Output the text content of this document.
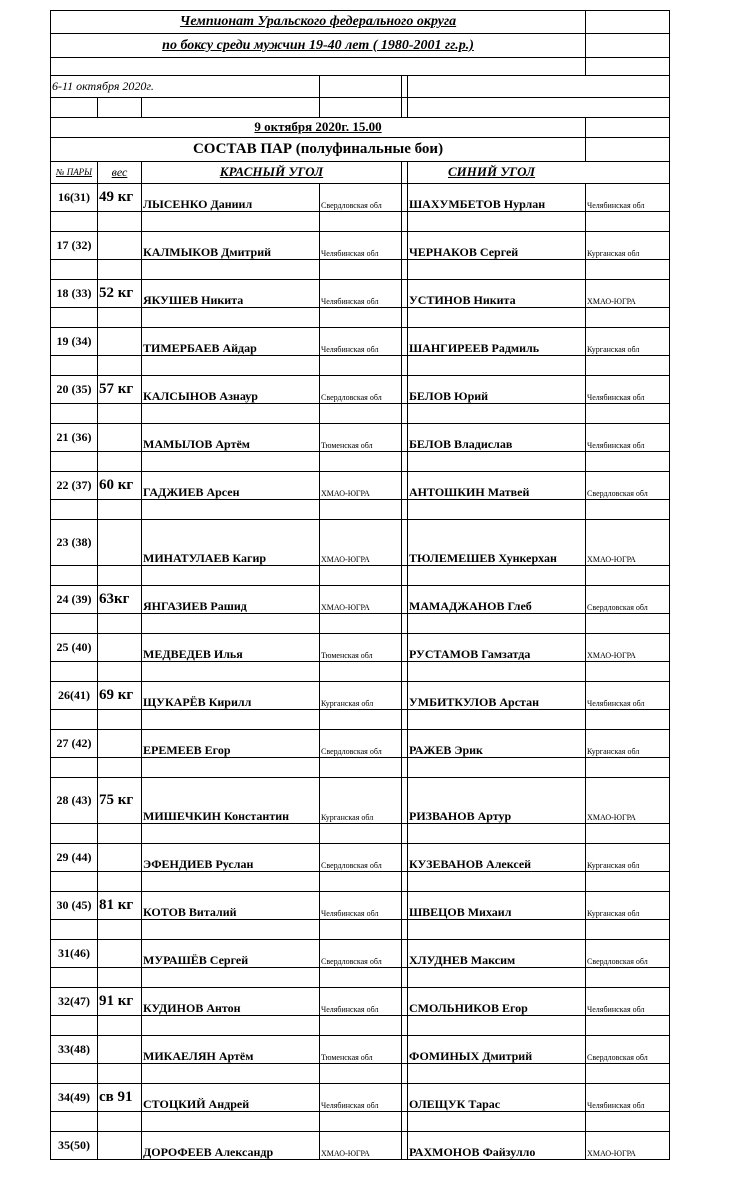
Чемпионат Уральского федерального округа						
по боксу среди мужчин 19-40 лет ( 1980-2001 гг.р.)						

6-11 октября 2020г.						

9 октября 2020г. 15.00						
СОСТАВ ПАР (полуфинальные бои)						
№ ПАРЫ	вес	КРАСНЫЙ УГОЛ			СИНИЙ УГОЛ	
16(31)	49 кг	ЛЫСЕНКО Даниил	Свердловская обл		ШАХУМБЕТОВ Нурлан	Челябинская обл

17 (32)		КАЛМЫКОВ Дмитрий	Челябинская обл		ЧЕРНАКОВ Сергей	Курганская обл

18 (33)	52 кг	ЯКУШЕВ Никита	Челябинская обл		УСТИНОВ Никита	ХМАО-ЮГРА

19 (34)		ТИМЕРБАЕВ Айдар	Челябинская обл		ШАНГИРЕЕВ Радмиль	Курганская обл

20 (35)	57 кг	КАЛСЫНОВ Азнаур	Свердловская обл		БЕЛОВ Юрий	Челябинская обл

21 (36)		МАМЫЛОВ Артём	Тюменская обл		БЕЛОВ Владислав	Челябинская обл

22 (37)	60 кг	ГАДЖИЕВ Арсен	ХМАО-ЮГРА		АНТОШКИН Матвей	Свердловская обл

23 (38)		МИНАТУЛАЕВ Кагир	ХМАО-ЮГРА		ТЮЛЕМЕШЕВ Хункерхан	ХМАО-ЮГРА

24 (39)	63кг	ЯНГАЗИЕВ Рашид	ХМАО-ЮГРА		МАМАДЖАНОВ Глеб	Свердловская обл

25 (40)		МЕДВЕДЕВ Илья	Тюменская обл		РУСТАМОВ Гамзатда	ХМАО-ЮГРА

26(41)	69 кг	ЩУКАРЁВ Кирилл	Курганская обл		УМБИТКУЛОВ Арстан	Челябинская обл

27 (42)		ЕРЕМЕЕВ Егор	Свердловская обл		РАЖЕВ Эрик	Курганская обл

28 (43)	75 кг	МИШЕЧКИН Константин	Курганская обл		РИЗВАНОВ Артур	ХМАО-ЮГРА

29 (44)		ЭФЕНДИЕВ Руслан	Свердловская обл		КУЗЕВАНОВ Алексей	Курганская обл

30 (45)	81 кг	КОТОВ Виталий	Челябинская обл		ШВЕЦОВ Михаил	Курганская обл

31(46)		МУРАШЁВ Сергей	Свердловская обл		ХЛУДНЕВ Максим	Свердловская обл

32(47)	91 кг	КУДИНОВ Антон	Челябинская обл		СМОЛЬНИКОВ Егор	Челябинская обл

33(48)		МИКАЕЛЯН Артём	Тюменская обл		ФОМИНЫХ Дмитрий	Свердловская обл

34(49)	св 91	СТОЦКИЙ Андрей	Челябинская обл		ОЛЕЩУК Тарас	Челябинская обл

35(50)		ДОРОФЕЕВ Александр	ХМАО-ЮГРА		РАХМОНОВ Файзулло	ХМАО-ЮГРА
